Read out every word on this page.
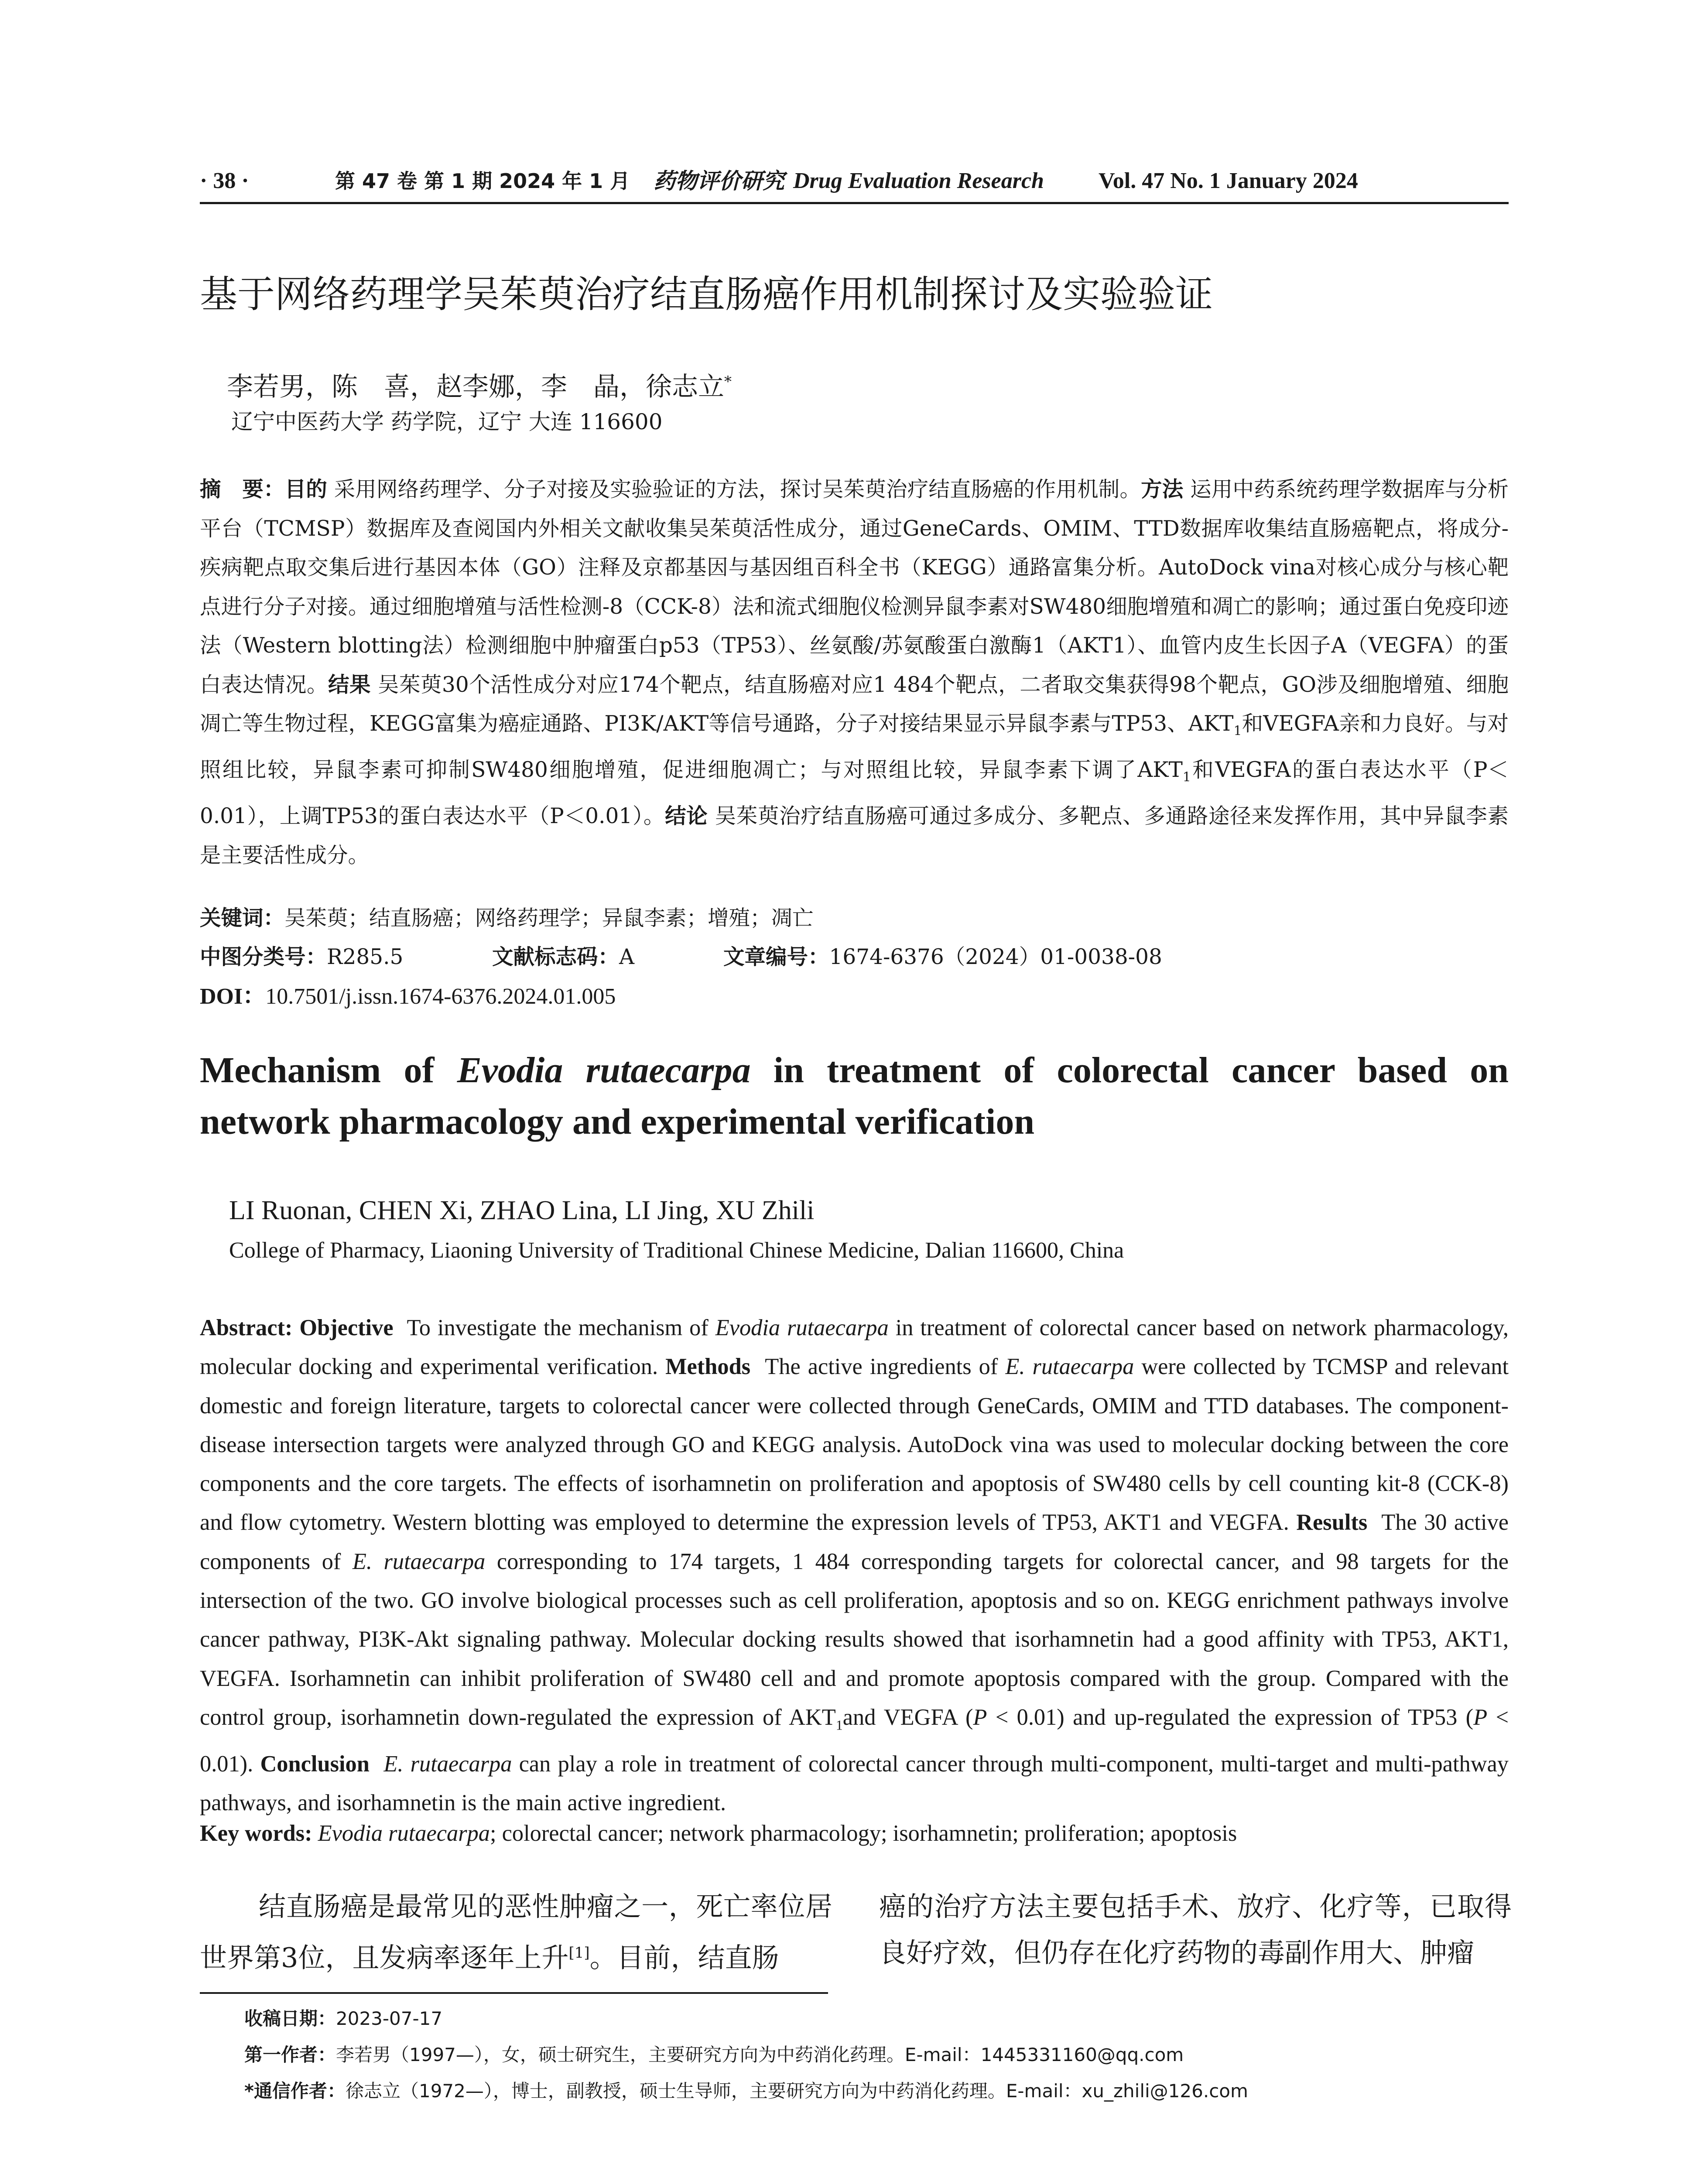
· 38 ·	第 47 卷 第 1 期 2024 年 1 月 药物评价研究 Drug Evaluation Research Vol. 47 No. 1 January 2024
基于网络药理学吴茱萸治疗结直肠癌作用机制探讨及实验验证
李若男，陈　喜，赵李娜，李　晶，徐志立*
辽宁中医药大学 药学院，辽宁 大连 116600
摘　要：目的 采用网络药理学、分子对接及实验验证的方法，探讨吴茱萸治疗结直肠癌的作用机制。方法 运用中药系统药理学数据库与分析平台（TCMSP）数据库及查阅国内外相关文献收集吴茱萸活性成分，通过GeneCards、OMIM、TTD数据库收集结直肠癌靶点，将成分-疾病靶点取交集后进行基因本体（GO）注释及京都基因与基因组百科全书（KEGG）通路富集分析。AutoDock vina对核心成分与核心靶点进行分子对接。通过细胞增殖与活性检测-8（CCK-8）法和流式细胞仪检测异鼠李素对SW480细胞增殖和凋亡的影响；通过蛋白免疫印迹法（Western blotting法）检测细胞中肿瘤蛋白p53（TP53）、丝氨酸/苏氨酸蛋白激酶1（AKT1）、血管内皮生长因子A（VEGFA）的蛋白表达情况。结果 吴茱萸30个活性成分对应174个靶点，结直肠癌对应1 484个靶点，二者取交集获得98个靶点，GO涉及细胞增殖、细胞凋亡等生物过程，KEGG富集为癌症通路、PI3K/AKT等信号通路，分子对接结果显示异鼠李素与TP53、$AKT_1$和VEGFA亲和力良好。与对照组比较，异鼠李素可抑制SW480细胞增殖，促进细胞凋亡；与对照组比较，异鼠李素下调了$AKT_1$和VEGFA的蛋白表达水平（P＜0.01），上调TP53的蛋白表达水平（P＜0.01）。结论 吴茱萸治疗结直肠癌可通过多成分、多靶点、多通路途径来发挥作用，其中异鼠李素是主要活性成分。
关键词：吴茱萸；结直肠癌；网络药理学；异鼠李素；增殖；凋亡
中图分类号： R285.5	文献标志码： A	文章编号： 1674-6376（2024）01-0038-08
DOI：10.7501/j.issn.1674-6376.2024.01.005
Mechanism of Evodia rutaecarpa in treatment of colorectal cancer based on network pharmacology and experimental verification
LI Ruonan, CHEN Xi, ZHAO Lina, LI Jing, XU Zhili
College of Pharmacy, Liaoning University of Traditional Chinese Medicine, Dalian 116600, China
Abstract: Objective To investigate the mechanism of Evodia rutaecarpa in treatment of colorectal cancer based on network pharmacology, molecular docking and experimental verification. Methods The active ingredients of E. rutaecarpa were collected by TCMSP and relevant domestic and foreign literature, targets to colorectal cancer were collected through GeneCards, OMIM and TTD databases. The component-disease intersection targets were analyzed through GO and KEGG analysis. AutoDock vina was used to molecular docking between the core components and the core targets. The effects of isorhamnetin on proliferation and apoptosis of SW480 cells by cell counting kit-8 (CCK-8) and flow cytometry. Western blotting was employed to determine the expression levels of TP53, AKT1 and VEGFA. Results The 30 active components of E. rutaecarpa corresponding to 174 targets, 1 484 corresponding targets for colorectal cancer, and 98 targets for the intersection of the two. GO involve biological processes such as cell proliferation, apoptosis and so on. KEGG enrichment pathways involve cancer pathway, PI3K-Akt signaling pathway. Molecular docking results showed that isorhamnetin had a good affinity with TP53, AKT1, VEGFA. Isorhamnetin can inhibit proliferation of SW480 cell and and promote apoptosis compared with the group. Compared with the control group, isorhamnetin down-regulated the expression of $AKT_1and$ VEGFA (P < 0.01) and up-regulated the expression of TP53 (P < 0.01). Conclusion E. rutaecarpa can play a role in treatment of colorectal cancer through multi-component, multi-target and multi-pathway pathways, and isorhamnetin is the main active ingredient.
Key words: Evodia rutaecarpa; colorectal cancer; network pharmacology; isorhamnetin; proliferation; apoptosis
结直肠癌是最常见的恶性肿瘤之一，死亡率位居世界第3位，且发病率逐年上升[1]。目前，结直肠
癌的治疗方法主要包括手术、放疗、化疗等，已取得良好疗效，但仍存在化疗药物的毒副作用大、肿瘤
收稿日期：2023-07-17
第一作者：李若男（1997—），女，硕士研究生，主要研究方向为中药消化药理。E-mail：1445331160@qq.com
*通信作者：徐志立（1972—），博士，副教授，硕士生导师，主要研究方向为中药消化药理。E-mail：xu_zhili@126.com
